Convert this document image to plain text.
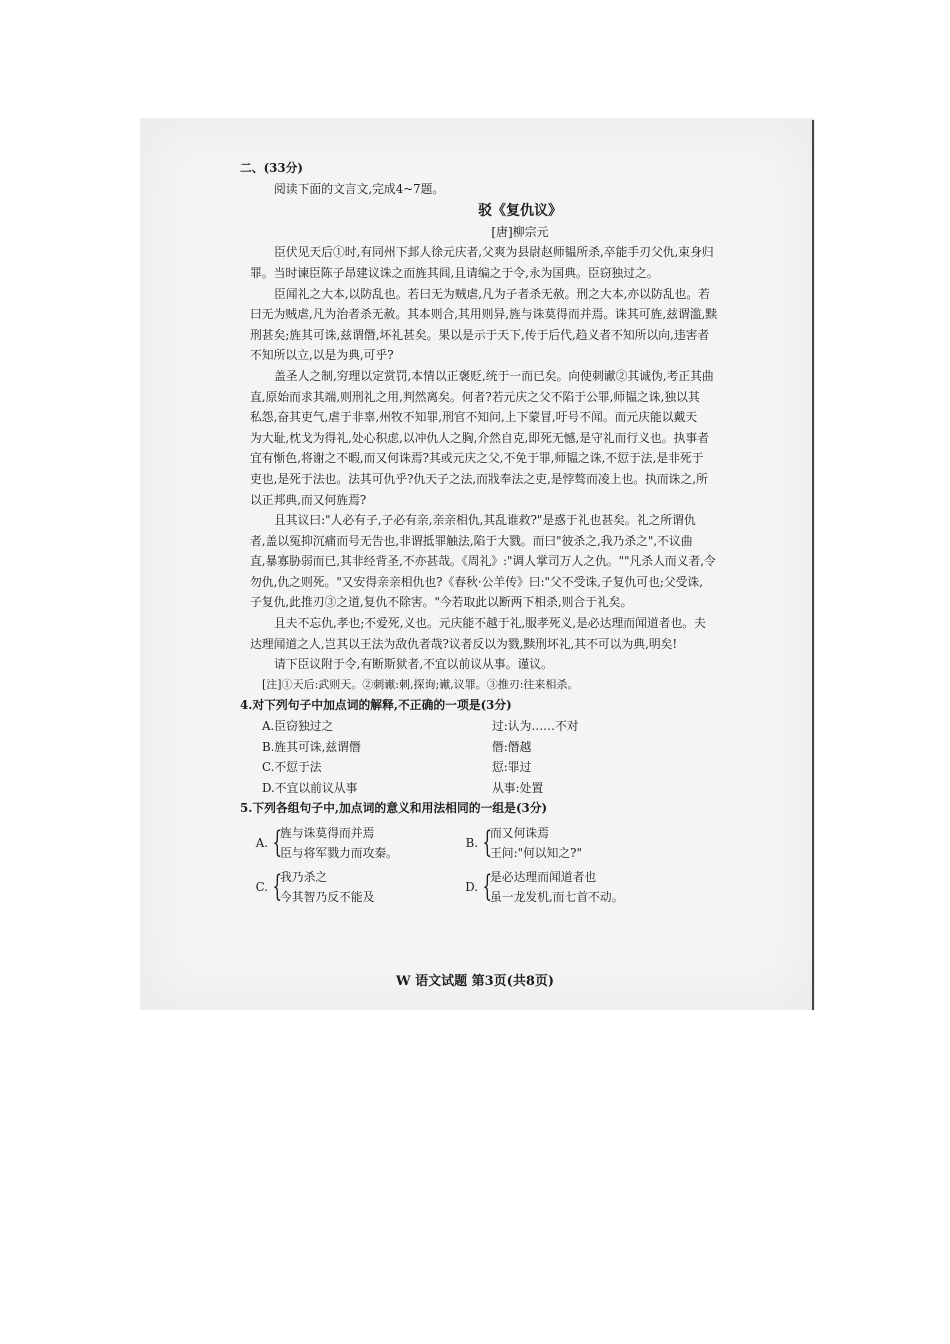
二、(33分)
阅读下面的文言文,完成4~7题。
驳《复仇议》
[唐]柳宗元
臣伏见天后①时,有同州下邽人徐元庆者,父爽为县尉赵师韫所杀,卒能手刃父仇,束身归
罪。当时谏臣陈子昂建议诛之而旌其闾,且请编之于令,永为国典。臣窃独过之。
臣闻礼之大本,以防乱也。若曰无为贼虐,凡为子者杀无赦。刑之大本,亦以防乱也。若
曰无为贼虐,凡为治者杀无赦。其本则合,其用则异,旌与诛莫得而并焉。诛其可旌,兹谓滥,黩
刑甚矣;旌其可诛,兹谓僭,坏礼甚矣。果以是示于天下,传于后代,趋义者不知所以向,违害者
不知所以立,以是为典,可乎?
盖圣人之制,穷理以定赏罚,本情以正褒贬,统于一而已矣。向使刺谳②其诚伪,考正其曲
直,原始而求其端,则刑礼之用,判然离矣。何者?若元庆之父不陷于公罪,师韫之诛,独以其
私怨,奋其吏气,虐于非辜,州牧不知罪,刑官不知问,上下蒙冒,吁号不闻。而元庆能以戴天
为大耻,枕戈为得礼,处心积虑,以冲仇人之胸,介然自克,即死无憾,是守礼而行义也。执事者
宜有惭色,将谢之不暇,而又何诛焉?其或元庆之父,不免于罪,师韫之诛,不愆于法,是非死于
吏也,是死于法也。法其可仇乎?仇天子之法,而戕奉法之吏,是悖骜而凌上也。执而诛之,所
以正邦典,而又何旌焉?
且其议曰:"人必有子,子必有亲,亲亲相仇,其乱谁救?"是惑于礼也甚矣。礼之所谓仇
者,盖以冤抑沉痛而号无告也,非谓抵罪触法,陷于大戮。而曰"彼杀之,我乃杀之",不议曲
直,暴寡胁弱而已,其非经背圣,不亦甚哉。《周礼》:"调人掌司万人之仇。""凡杀人而义者,令
勿仇,仇之则死。"又安得亲亲相仇也?《春秋·公羊传》曰:"父不受诛,子复仇可也;父受诛,
子复仇,此推刃③之道,复仇不除害。"今若取此以断两下相杀,则合于礼矣。
且夫不忘仇,孝也;不爱死,义也。元庆能不越于礼,服孝死义,是必达理而闻道者也。夫
达理闻道之人,岂其以王法为敌仇者哉?议者反以为戮,黩刑坏礼,其不可以为典,明矣!
请下臣议附于令,有断斯狱者,不宜以前议从事。谨议。
[注]①天后:武则天。②刺谳:刺,探询;谳,议罪。③推刃:往来相杀。
4.对下列句子中加点词的解释,不正确的一项是(3分)
A.臣窃独过之	过:认为……不对
B.旌其可诛,兹谓僭	僭:僭越
C.不愆于法	愆:罪过
D.不宜以前议从事	从事:处置
5.下列各组句子中,加点词的意义和用法相同的一组是(3分)
A. {
旌与诛莫得而并焉
臣与将军戮力而攻秦。
B. {
而又何诛焉
王问:"何以知之?"
C. {
我乃杀之
今其智乃反不能及
D. {
是必达理而闻道者也
虽一龙发机,而七首不动。
W 语文试题 第3页(共8页)
